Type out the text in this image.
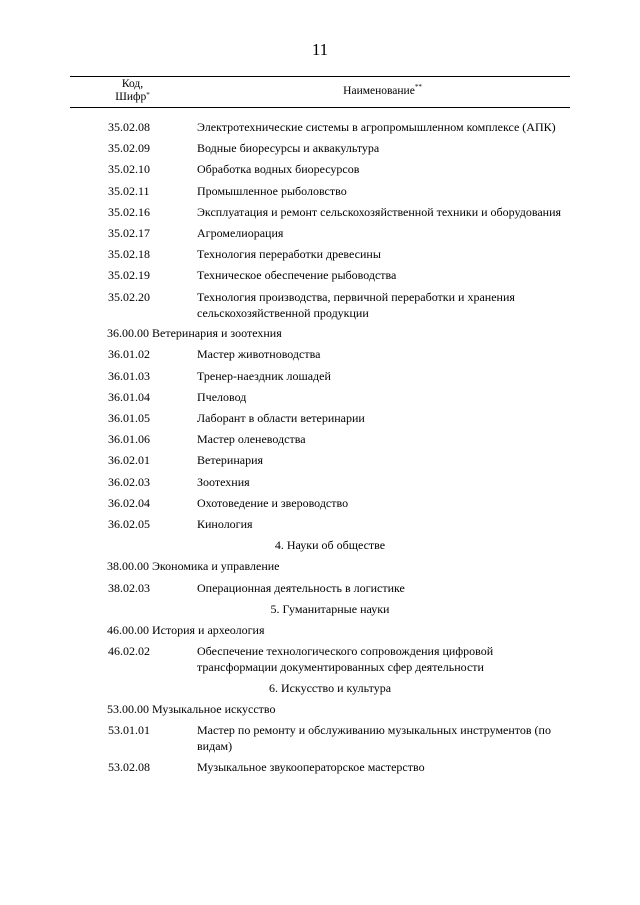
11
Код,
Шифр*	Наименование**
35.02.08	Электротехнические системы в агропромышленном комплексе (АПК)
35.02.09	Водные биоресурсы и аквакультура
35.02.10	Обработка водных биоресурсов
35.02.11	Промышленное рыболовство
35.02.16	Эксплуатация и ремонт сельскохозяйственной техники и оборудования
35.02.17	Агромелиорация
35.02.18	Технология переработки древесины
35.02.19	Техническое обеспечение рыбоводства
35.02.20	Технология производства, первичной переработки и хранения сельскохозяйственной продукции
36.00.00 Ветеринария и зоотехния
36.01.02	Мастер животноводства
36.01.03	Тренер-наездник лошадей
36.01.04	Пчеловод
36.01.05	Лаборант в области ветеринарии
36.01.06	Мастер оленеводства
36.02.01	Ветеринария
36.02.03	Зоотехния
36.02.04	Охотоведение и звероводство
36.02.05	Кинология
4. Науки об обществе
38.00.00 Экономика и управление
38.02.03	Операционная деятельность в логистике
5. Гуманитарные науки
46.00.00 История и археология
46.02.02	Обеспечение технологического сопровождения цифровой трансформации документированных сфер деятельности
6. Искусство и культура
53.00.00 Музыкальное искусство
53.01.01	Мастер по ремонту и обслуживанию музыкальных инструментов (по видам)
53.02.08	Музыкальное звукооператорское мастерство
